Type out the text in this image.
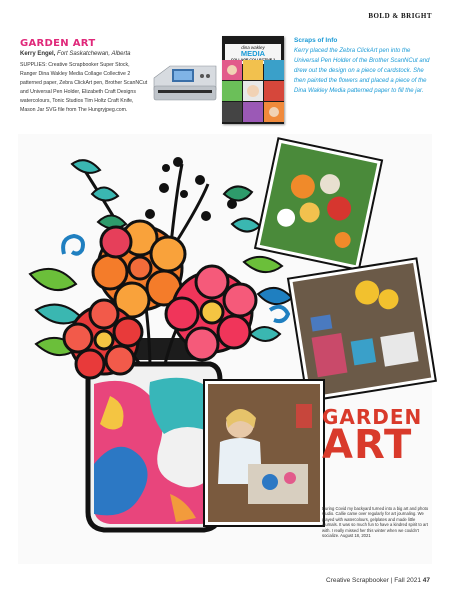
BOLD & BRIGHT
GARDEN ART
Kerry Engel, Fort Saskatchewan, Alberta
SUPPLIES: Creative Scrapbooker Super Stock, Ranger Dina Wakley Media Collage Collective 2 patterned paper, Zebra ClickArt pen, Brother ScanNCut and Universal Pen Holder, Elizabeth Craft Designs watercolours, Tonic Studios Tim Holtz Craft Knife, Mason Jar SVG file from The Hungryjpeg.com.
dina wakley
MEDIA
Scraps of Info
Kerry placed the Zebra ClickArt pen into the Universal Pen Holder of the Brother ScanNCut and drew out the design on a piece of cardstock. She then painted the flowers and placed a piece of the Dina Wakley Media patterned paper to fill the jar.
GARDEN
ART
During Covid my backyard turned into a big art and photo studio. Callie came over regularly for art journaling. We played with watercolours, gelplates and made little journals. It was so much fun to have a kindred spirit to art with. I really missed her this winter when we couldn't socialize. August 18, 2021
Creative Scrapbooker | Fall 2021 47
